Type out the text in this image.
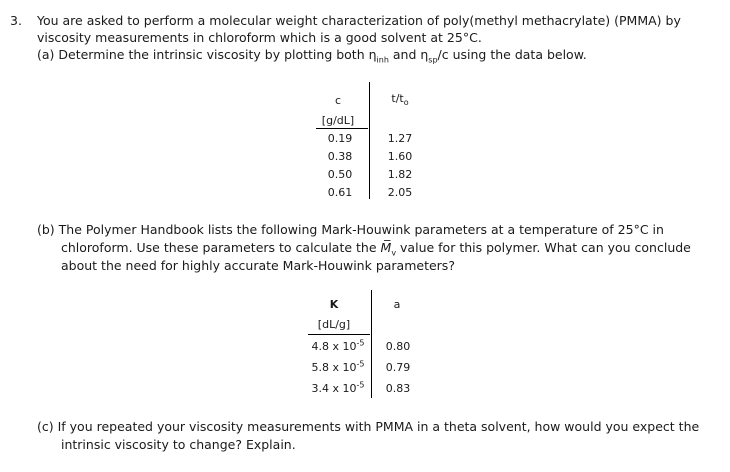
3. You are asked to perform a molecular weight characterization of poly(methyl methacrylate) (PMMA) by
viscosity measurements in chloroform which is a good solvent at 25°C.
(a) Determine the intrinsic viscosity by plotting both $\eta_{inh}$ and $\eta_{sp}/c$ using the data below.
c	$t/t_o$
[g/dL]
0.19	1.27
0.38	1.60
0.50	1.82
0.61	2.05
(b) The Polymer Handbook lists the following Mark-Houwink parameters at a temperature of 25°C in
chloroform. Use these parameters to calculate the $M̅_v$ value for this polymer. What can you conclude
about the need for highly accurate Mark-Houwink parameters?
K	a
[dL/g]
4.8 x $10^{-5}$	0.80
5.8 x $10^{-5}$	0.79
3.4 x $10^{-5}$	0.83
(c) If you repeated your viscosity measurements with PMMA in a theta solvent, how would you expect the
intrinsic viscosity to change? Explain.
